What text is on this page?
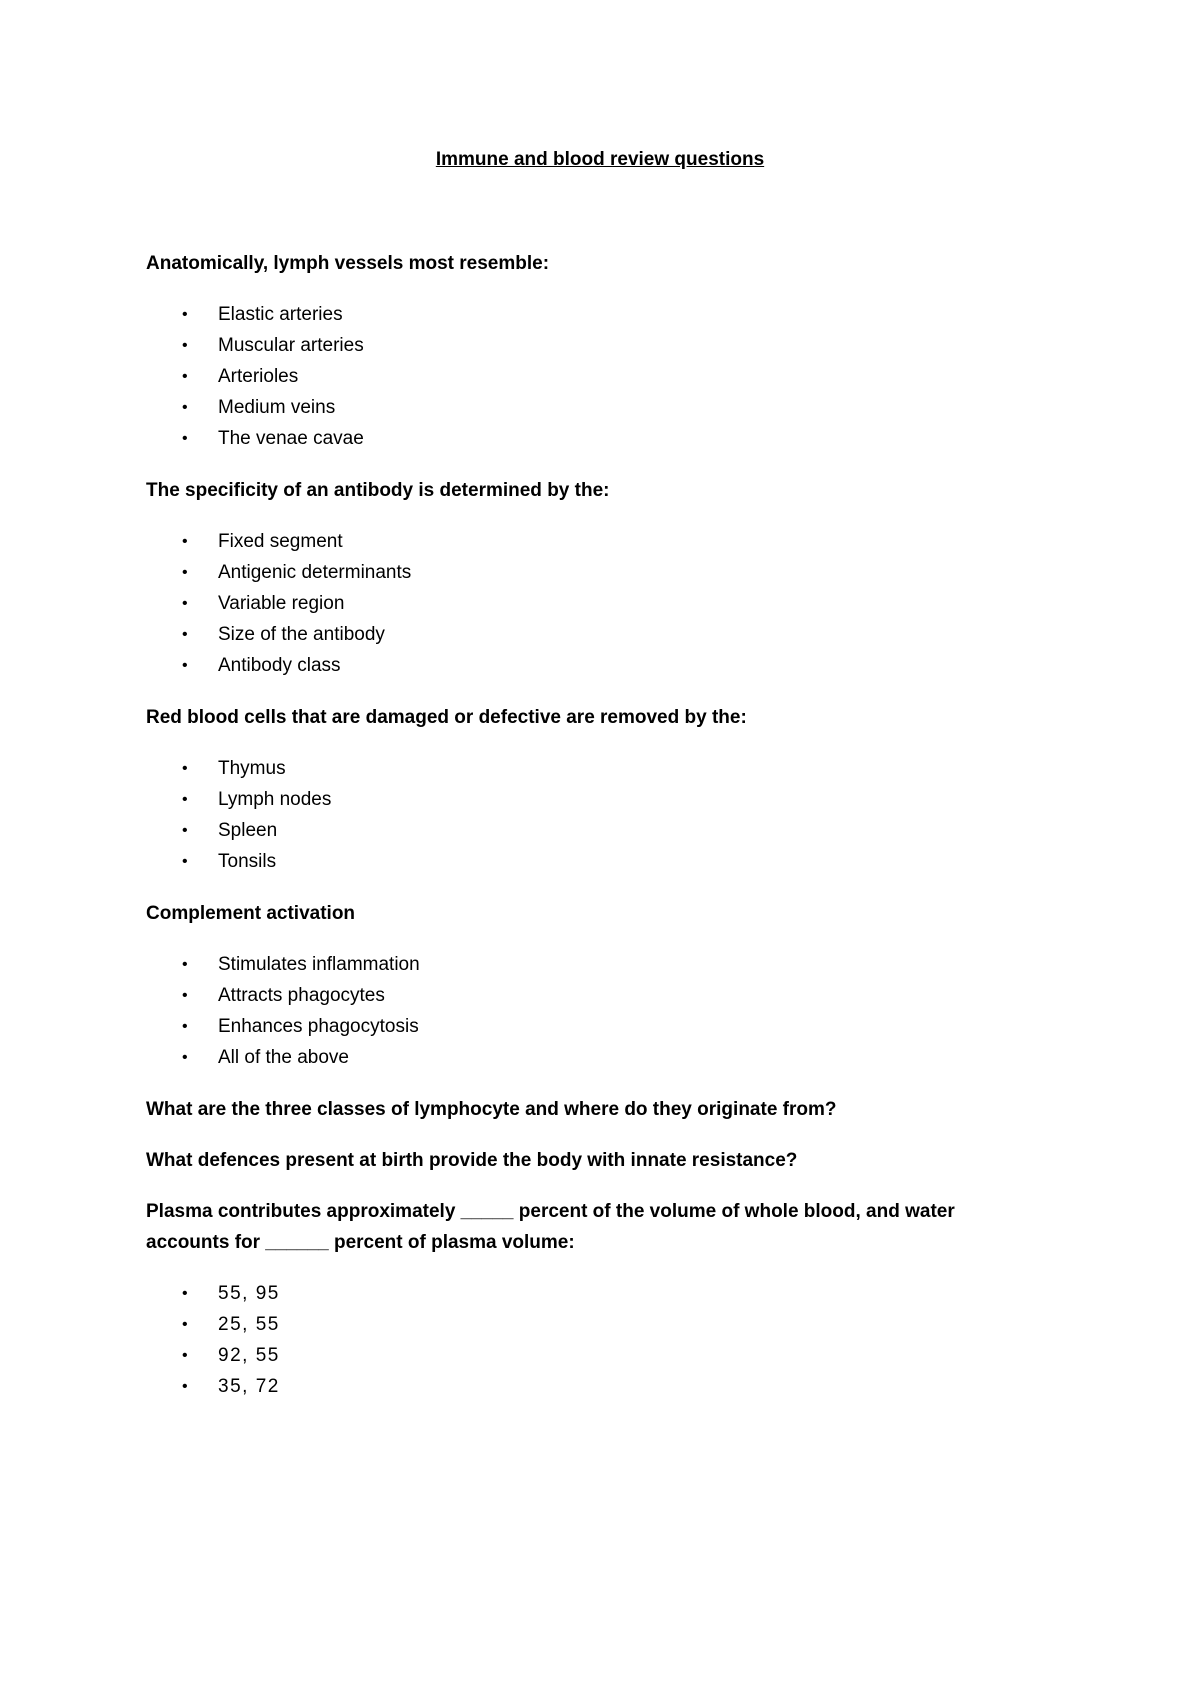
Immune and blood review questions

Anatomically, lymph vessels most resemble:

• Elastic arteries
• Muscular arteries
• Arterioles
• Medium veins
• The venae cavae

The specificity of an antibody is determined by the:

• Fixed segment
• Antigenic determinants
• Variable region
• Size of the antibody
• Antibody class

Red blood cells that are damaged or defective are removed by the:

• Thymus
• Lymph nodes
• Spleen
• Tonsils

Complement activation

• Stimulates inflammation
• Attracts phagocytes
• Enhances phagocytosis
• All of the above

What are the three classes of lymphocyte and where do they originate from?

What defences present at birth provide the body with innate resistance?

Plasma contributes approximately _____ percent of the volume of whole blood, and water

accounts for ______ percent of plasma volume:

• 55, 95
• 25, 55
• 92, 55
• 35, 72
